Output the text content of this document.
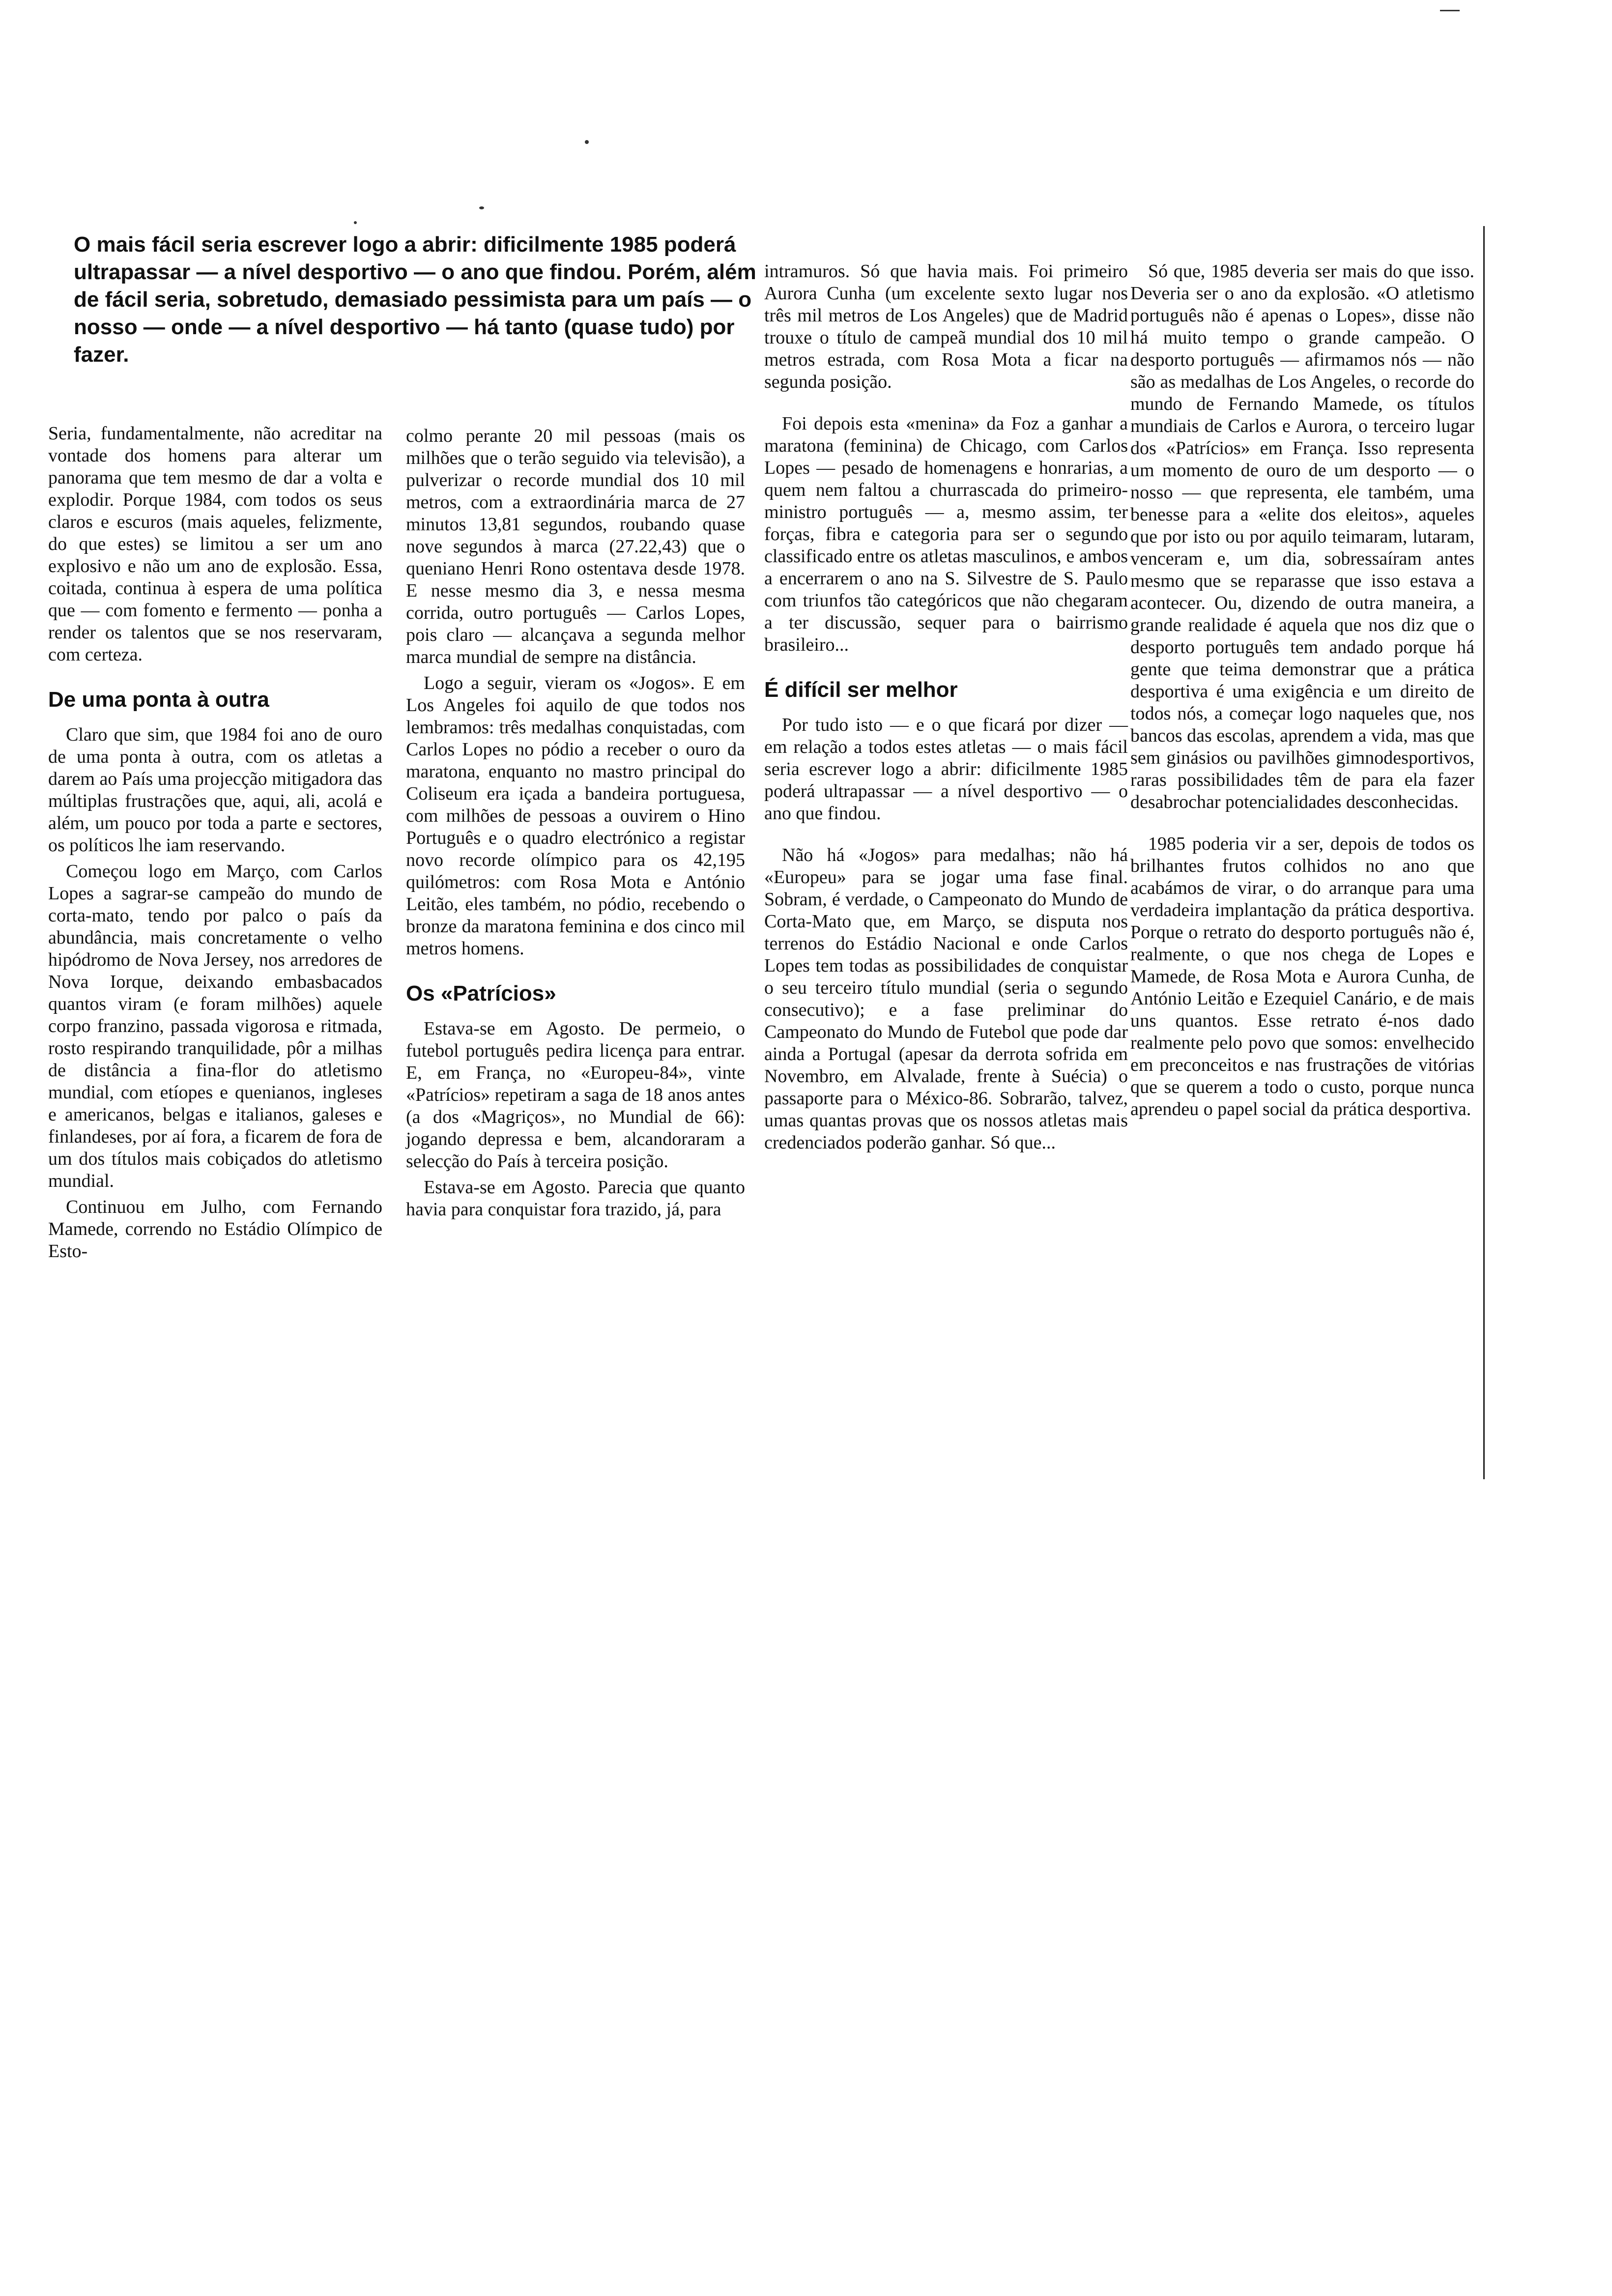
O mais fácil seria escrever logo a abrir: dificilmente 1985 poderá ultrapassar — a nível desportivo — o ano que findou. Porém, além de fácil seria, sobretudo, demasiado pessimista para um país — o nosso — onde — a nível desportivo — há tanto (quase tudo) por fazer.

Seria, fundamentalmente, não acreditar na vontade dos homens para alterar um panorama que tem mesmo de dar a volta e explodir. Porque 1984, com todos os seus claros e escuros (mais aqueles, felizmente, do que estes) se limitou a ser um ano explosivo e não um ano de explosão. Essa, coitada, continua à espera de uma política que — com fomento e fermento — ponha a render os talentos que se nos reservaram, com certeza.

De uma ponta à outra

Claro que sim, que 1984 foi ano de ouro de uma ponta à outra, com os atletas a darem ao País uma projecção mitigadora das múltiplas frustrações que, aqui, ali, acolá e além, um pouco por toda a parte e sectores, os políticos lhe iam reservando.

Começou logo em Março, com Carlos Lopes a sagrar-se campeão do mundo de corta-mato, tendo por palco o país da abundância, mais concretamente o velho hipódromo de Nova Jersey, nos arredores de Nova Iorque, deixando embasbacados quantos viram (e foram milhões) aquele corpo franzino, passada vigorosa e ritmada, rosto respirando tranquilidade, pôr a milhas de distância a fina-flor do atletismo mundial, com etíopes e quenianos, ingleses e americanos, belgas e italianos, galeses e finlandeses, por aí fora, a ficarem de fora de um dos títulos mais cobiçados do atletismo mundial.

Continuou em Julho, com Fernando Mamede, correndo no Estádio Olímpico de Esto-

colmo perante 20 mil pessoas (mais os milhões que o terão seguido via televisão), a pulverizar o recorde mundial dos 10 mil metros, com a extraordinária marca de 27 minutos 13,81 segundos, roubando quase nove segundos à marca (27.22,43) que o queniano Henri Rono ostentava desde 1978. E nesse mesmo dia 3, e nessa mesma corrida, outro português — Carlos Lopes, pois claro — alcançava a segunda melhor marca mundial de sempre na distância.

Logo a seguir, vieram os «Jogos». E em Los Angeles foi aquilo de que todos nos lembramos: três medalhas conquistadas, com Carlos Lopes no pódio a receber o ouro da maratona, enquanto no mastro principal do Coliseum era içada a bandeira portuguesa, com milhões de pessoas a ouvirem o Hino Português e o quadro electrónico a registar novo recorde olímpico para os 42,195 quilómetros: com Rosa Mota e António Leitão, eles também, no pódio, recebendo o bronze da maratona feminina e dos cinco mil metros homens.

Os «Patrícios»

Estava-se em Agosto. De permeio, o futebol português pedira licença para entrar. E, em França, no «Europeu-84», vinte «Patrícios» repetiram a saga de 18 anos antes (a dos «Magriços», no Mundial de 66): jogando depressa e bem, alcandoraram a selecção do País à terceira posição.

Estava-se em Agosto. Parecia que quanto havia para conquistar fora trazido, já, para

intramuros. Só que havia mais. Foi primeiro Aurora Cunha (um excelente sexto lugar nos três mil metros de Los Angeles) que de Madrid trouxe o título de campeã mundial dos 10 mil metros estrada, com Rosa Mota a ficar na segunda posição.

Foi depois esta «menina» da Foz a ganhar a maratona (feminina) de Chicago, com Carlos Lopes — pesado de homenagens e honrarias, a quem nem faltou a churrascada do primeiro-ministro português — a, mesmo assim, ter forças, fibra e categoria para ser o segundo classificado entre os atletas masculinos, e ambos a encerrarem o ano na S. Silvestre de S. Paulo com triunfos tão categóricos que não chegaram a ter discussão, sequer para o bairrismo brasileiro...

É difícil ser melhor

Por tudo isto — e o que ficará por dizer — em relação a todos estes atletas — o mais fácil seria escrever logo a abrir: dificilmente 1985 poderá ultrapassar — a nível desportivo — o ano que findou.

Não há «Jogos» para medalhas; não há «Europeu» para se jogar uma fase final. Sobram, é verdade, o Campeonato do Mundo de Corta-Mato que, em Março, se disputa nos terrenos do Estádio Nacional e onde Carlos Lopes tem todas as possibilidades de conquistar o seu terceiro título mundial (seria o segundo consecutivo); e a fase preliminar do Campeonato do Mundo de Futebol que pode dar ainda a Portugal (apesar da derrota sofrida em Novembro, em Alvalade, frente à Suécia) o passaporte para o México-86. Sobrarão, talvez, umas quantas provas que os nossos atletas mais credenciados poderão ganhar. Só que...

Só que, 1985 deveria ser mais do que isso. Deveria ser o ano da explosão. «O atletismo português não é apenas o Lopes», disse não há muito tempo o grande campeão. O desporto português — afirmamos nós — não são as medalhas de Los Angeles, o recorde do mundo de Fernando Mamede, os títulos mundiais de Carlos e Aurora, o terceiro lugar dos «Patrícios» em França. Isso representa um momento de ouro de um desporto — o nosso — que representa, ele também, uma benesse para a «elite dos eleitos», aqueles que por isto ou por aquilo teimaram, lutaram, venceram e, um dia, sobressaíram antes mesmo que se reparasse que isso estava a acontecer. Ou, dizendo de outra maneira, a grande realidade é aquela que nos diz que o desporto português tem andado porque há gente que teima demonstrar que a prática desportiva é uma exigência e um direito de todos nós, a começar logo naqueles que, nos bancos das escolas, aprendem a vida, mas que sem ginásios ou pavilhões gimnodesportivos, raras possibilidades têm de para ela fazer desabrochar potencialidades desconhecidas.

1985 poderia vir a ser, depois de todos os brilhantes frutos colhidos no ano que acabámos de virar, o do arranque para uma verdadeira implantação da prática desportiva. Porque o retrato do desporto português não é, realmente, o que nos chega de Lopes e Mamede, de Rosa Mota e Aurora Cunha, de António Leitão e Ezequiel Canário, e de mais uns quantos. Esse retrato é-nos dado realmente pelo povo que somos: envelhecido em preconceitos e nas frustrações de vitórias que se querem a todo o custo, porque nunca aprendeu o papel social da prática desportiva.
